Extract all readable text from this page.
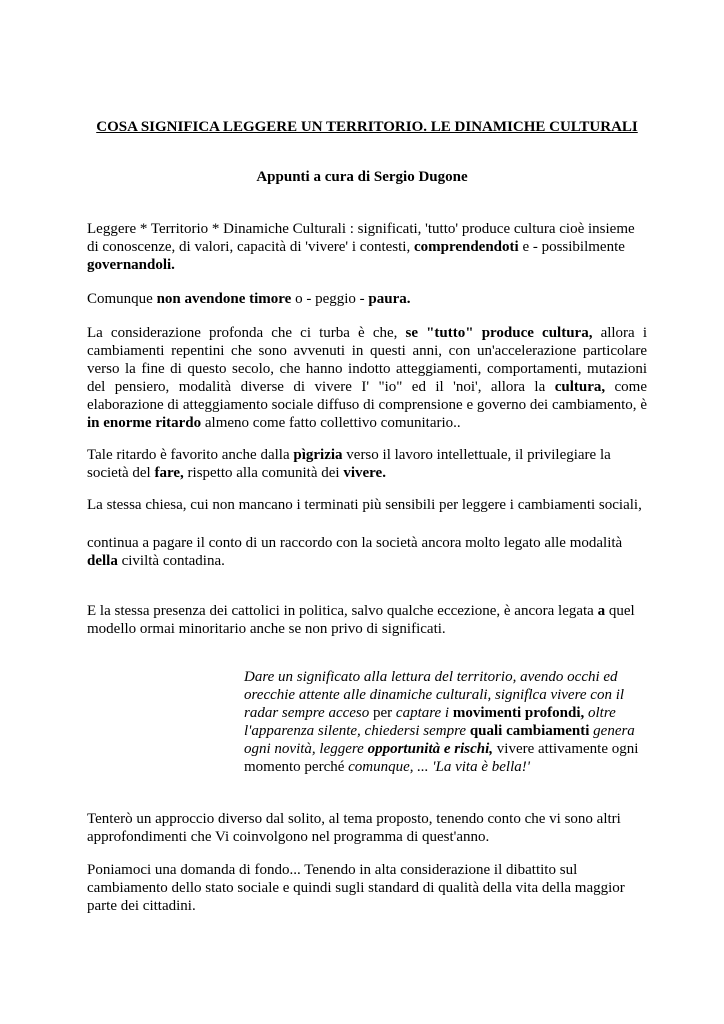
COSA SIGNIFICA LEGGERE UN TERRITORIO. LE DINAMICHE CULTURALI
Appunti a cura di Sergio Dugone

Leggere * Territorio * Dinamiche Culturali : significati, 'tutto' produce cultura cioè insieme di conoscenze, di valori, capacità di 'vivere' i contesti, comprendendoti e - possibilmente governandoli.

Comunque non avendone timore o - peggio - paura.

La considerazione profonda che ci turba è che, se "tutto" produce cultura, allora i cambiamenti repentini che sono avvenuti in questi anni, con un'accelerazione particolare verso la fine di questo secolo, che hanno indotto atteggiamenti, comportamenti, mutazioni del pensiero, modalità diverse di vivere I' "io" ed il 'noi', allora la cultura, come elaborazione di atteggiamento sociale diffuso di comprensione e governo dei cambiamento, è in enorme ritardo almeno come fatto collettivo comunitario..

Tale ritardo è favorito anche dalla pìgrizia verso il lavoro intellettuale, il privilegiare la società del fare, rispetto alla comunità dei vivere.

La stessa chiesa, cui non mancano i terminati più sensibili per leggere i cambiamenti sociali,

continua a pagare il conto di un raccordo con la società ancora molto legato alle modalità della civiltà contadina.

E la stessa presenza dei cattolici in politica, salvo qualche eccezione, è ancora legata a quel modello ormai minoritario anche se non privo di significati.

Dare un significato alla lettura del territorio, avendo occhi ed orecchie attente alle dinamiche culturali, signiflca vivere con il radar sempre acceso per captare i movimenti profondi, oltre l'apparenza silente, chiedersi sempre quali cambiamenti genera ogni novità, leggere opportunità e rischi, vivere attivamente ogni momento perché comunque, ... 'La vita è bella!'

Tenterò un approccio diverso dal solito, al tema proposto, tenendo conto che vi sono altri approfondimenti che Vi coinvolgono nel programma di quest'anno.

Poniamoci una domanda di fondo... Tenendo in alta considerazione il dibattito sul cambiamento dello stato sociale e quindi sugli standard di qualità della vita della maggior parte dei cittadini.
